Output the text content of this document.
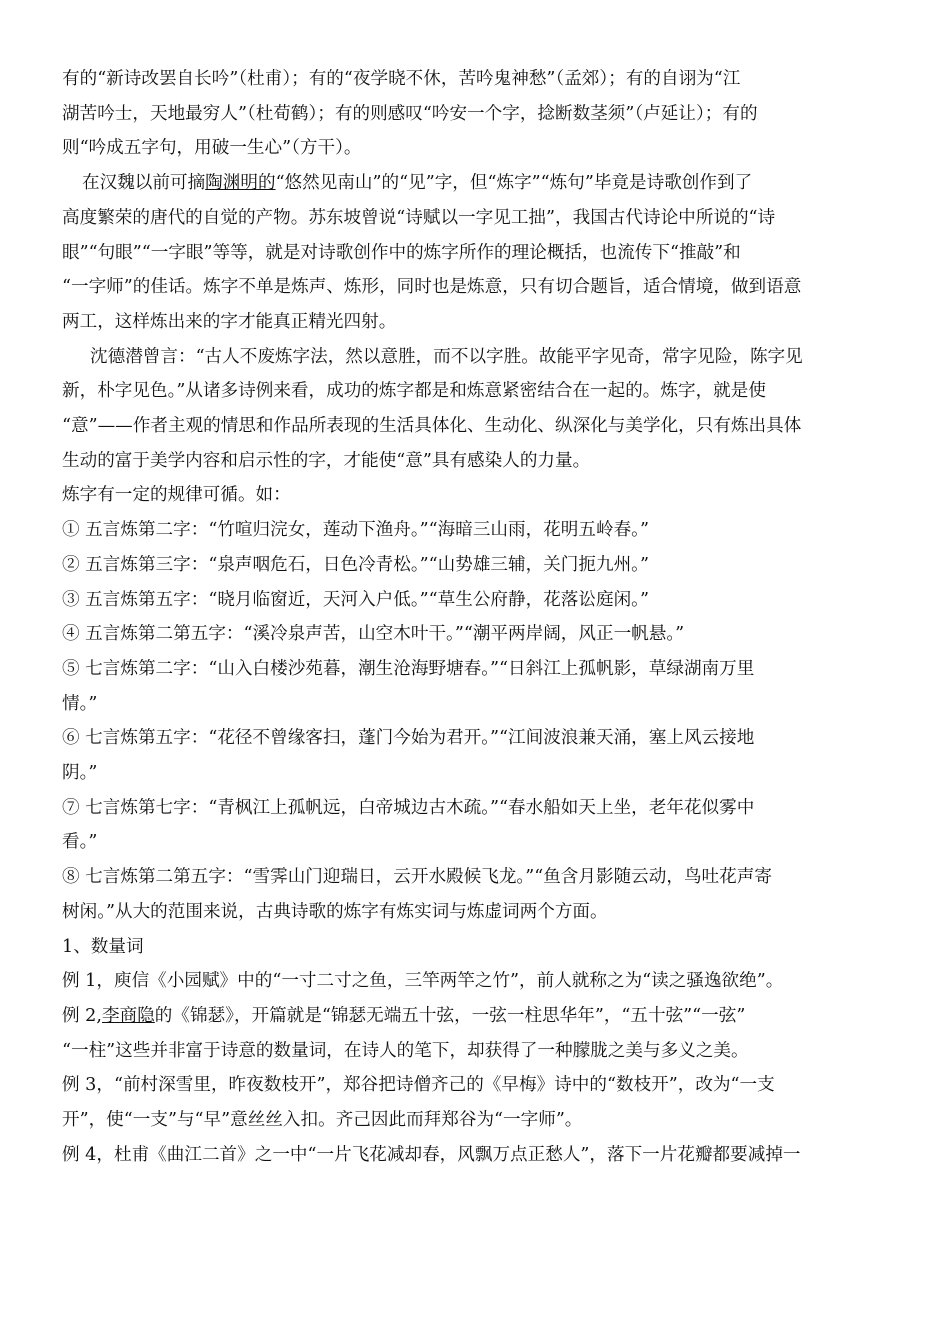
有的“新诗改罢自长吟”（杜甫）；有的“夜学晓不休，苦吟鬼神愁”（孟郊）；有的自诩为“江
湖苦吟士，天地最穷人”（杜荀鹤）；有的则感叹“吟安一个字，捻断数茎须”（卢延让）；有的
则“吟成五字句，用破一生心”（方干）。
在汉魏以前可摘陶渊明的“悠然见南山”的“见”字，但“炼字”“炼句”毕竟是诗歌创作到了
高度繁荣的唐代的自觉的产物。苏东坡曾说“诗赋以一字见工拙”，我国古代诗论中所说的“诗
眼”“句眼”“一字眼”等等，就是对诗歌创作中的炼字所作的理论概括，也流传下“推敲”和
“一字师”的佳话。炼字不单是炼声、炼形，同时也是炼意，只有切合题旨，适合情境，做到语意
两工，这样炼出来的字才能真正精光四射。
沈德潜曾言：“古人不废炼字法，然以意胜，而不以字胜。故能平字见奇，常字见险，陈字见
新，朴字见色。”从诸多诗例来看，成功的炼字都是和炼意紧密结合在一起的。炼字，就是使
“意”——作者主观的情思和作品所表现的生活具体化、生动化、纵深化与美学化，只有炼出具体
生动的富于美学内容和启示性的字，才能使“意”具有感染人的力量。
炼字有一定的规律可循。如：
① 五言炼第二字：“竹喧归浣女，莲动下渔舟。”“海暗三山雨，花明五岭春。”
② 五言炼第三字：“泉声咽危石，日色冷青松。”“山势雄三辅，关门扼九州。”
③ 五言炼第五字：“晓月临窗近，天河入户低。”“草生公府静，花落讼庭闲。”
④ 五言炼第二第五字：“溪冷泉声苦，山空木叶干。”“潮平两岸阔，风正一帆悬。”
⑤ 七言炼第二字：“山入白楼沙苑暮，潮生沧海野塘春。”“日斜江上孤帆影，草绿湖南万里
情。”
⑥ 七言炼第五字：“花径不曾缘客扫，蓬门今始为君开。”“江间波浪兼天涌，塞上风云接地
阴。”
⑦ 七言炼第七字：“青枫江上孤帆远，白帝城边古木疏。”“春水船如天上坐，老年花似雾中
看。”
⑧ 七言炼第二第五字：“雪霁山门迎瑞日，云开水殿候飞龙。”“鱼含月影随云动，鸟吐花声寄
树闲。”从大的范围来说，古典诗歌的炼字有炼实词与炼虚词两个方面。
1、数量词
例 1，庾信《小园赋》中的“一寸二寸之鱼，三竿两竿之竹”，前人就称之为“读之骚逸欲绝”。
例 2,李商隐的《锦瑟》，开篇就是“锦瑟无端五十弦，一弦一柱思华年”，“五十弦”“一弦”
“一柱”这些并非富于诗意的数量词，在诗人的笔下，却获得了一种朦胧之美与多义之美。
例 3，“前村深雪里，昨夜数枝开”，郑谷把诗僧齐己的《早梅》诗中的“数枝开”，改为“一支
开”，使“一支”与“早”意丝丝入扣。齐己因此而拜郑谷为“一字师”。
例 4，杜甫《曲江二首》之一中“一片飞花减却春，风飘万点正愁人”，落下一片花瓣都要减掉一
